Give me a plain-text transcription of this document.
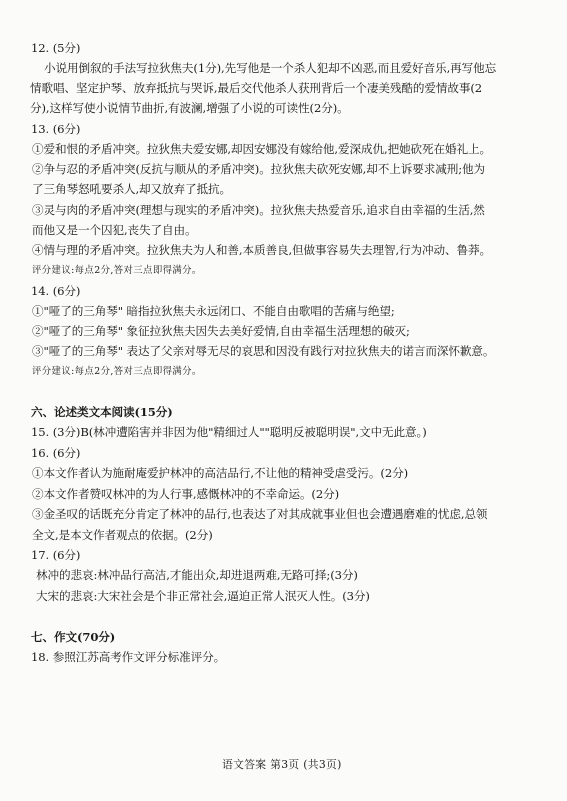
12. (5分)
小说用倒叙的手法写拉狄焦夫(1分),先写他是一个杀人犯却不凶恶,而且爱好音乐,再写他忘
情歌唱、坚定护琴、放弃抵抗与哭诉,最后交代他杀人获刑背后一个凄美残酷的爱情故事(2
分),这样写使小说情节曲折,有波澜,增强了小说的可读性(2分)。
13. (6分)
①爱和恨的矛盾冲突。拉狄焦夫爱安娜,却因安娜没有嫁给他,爱深成仇,把她砍死在婚礼上。
②争与忍的矛盾冲突(反抗与顺从的矛盾冲突)。拉狄焦夫砍死安娜,却不上诉要求减刑;他为
了三角琴怒吼要杀人,却又放弃了抵抗。
③灵与肉的矛盾冲突(理想与现实的矛盾冲突)。拉狄焦夫热爱音乐,追求自由幸福的生活,然
而他又是一个囚犯,丧失了自由。
④情与理的矛盾冲突。拉狄焦夫为人和善,本质善良,但做事容易失去理智,行为冲动、鲁莽。
评分建议:每点2分,答对三点即得满分。
14. (6分)
①"哑了的三角琴" 暗指拉狄焦夫永远闭口、不能自由歌唱的苦痛与绝望;
②"哑了的三角琴" 象征拉狄焦夫因失去美好爱情,自由幸福生活理想的破灭;
③"哑了的三角琴" 表达了父亲对辱无尽的哀思和因没有践行对拉狄焦夫的诺言而深怀歉意。
评分建议:每点2分,答对三点即得满分。
六、论述类文本阅读(15分)
15. (3分)B(林冲遭陷害并非因为他"精细过人""聪明反被聪明误",文中无此意。)
16. (6分)
①本文作者认为施耐庵爱护林冲的高洁品行,不让他的精神受虐受污。(2分)
②本文作者赞叹林冲的为人行事,感慨林冲的不幸命运。(2分)
③金圣叹的话既充分肯定了林冲的品行,也表达了对其成就事业但也会遭遇磨难的忧虑,总领
全文,是本文作者观点的依据。(2分)
17. (6分)
林冲的悲哀:林冲品行高洁,才能出众,却进退两难,无路可择;(3分)
大宋的悲哀:大宋社会是个非正常社会,逼迫正常人泯灭人性。(3分)
七、作文(70分)
18. 参照江苏高考作文评分标准评分。
语文答案 第3页 (共3页)
